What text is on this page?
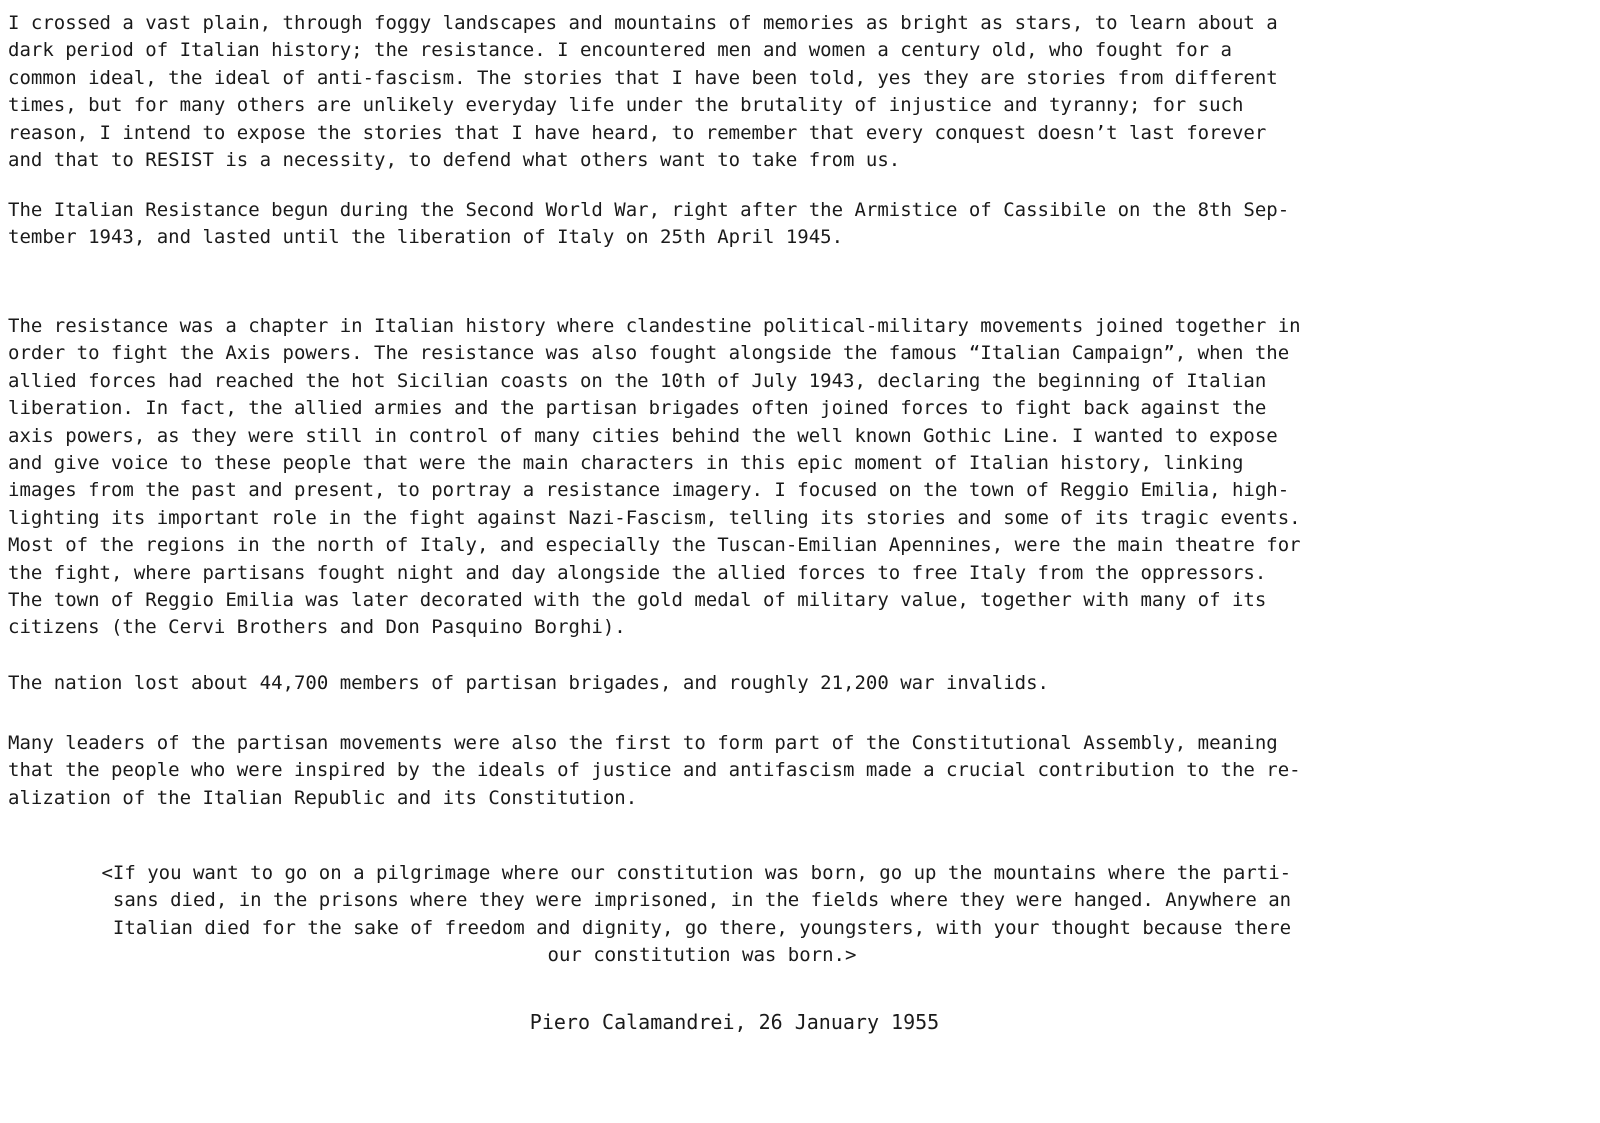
I crossed a vast plain, through foggy landscapes and mountains of memories as bright as stars, to learn about a
dark period of Italian history; the resistance. I encountered men and women a century old, who fought for a
common ideal, the ideal of anti-fascism. The stories that I have been told, yes they are stories from different
times, but for many others are unlikely everyday life under the brutality of injustice and tyranny; for such
reason, I intend to expose the stories that I have heard, to remember that every conquest doesn’t last forever
and that to RESIST is a necessity, to defend what others want to take from us.

The Italian Resistance begun during the Second World War, right after the Armistice of Cassibile on the 8th Sep-
tember 1943, and lasted until the liberation of Italy on 25th April 1945.

The resistance was a chapter in Italian history where clandestine political-military movements joined together in
order to fight the Axis powers. The resistance was also fought alongside the famous “Italian Campaign”, when the
allied forces had reached the hot Sicilian coasts on the 10th of July 1943, declaring the beginning of Italian
liberation. In fact, the allied armies and the partisan brigades often joined forces to fight back against the
axis powers, as they were still in control of many cities behind the well known Gothic Line. I wanted to expose
and give voice to these people that were the main characters in this epic moment of Italian history, linking
images from the past and present, to portray a resistance imagery. I focused on the town of Reggio Emilia, high-
lighting its important role in the fight against Nazi-Fascism, telling its stories and some of its tragic events.
Most of the regions in the north of Italy, and especially the Tuscan-Emilian Apennines, were the main theatre for
the fight, where partisans fought night and day alongside the allied forces to free Italy from the oppressors.
The town of Reggio Emilia was later decorated with the gold medal of military value, together with many of its
citizens (the Cervi Brothers and Don Pasquino Borghi).

The nation lost about 44,700 members of partisan brigades, and roughly 21,200 war invalids.

Many leaders of the partisan movements were also the first to form part of the Constitutional Assembly, meaning
that the people who were inspired by the ideals of justice and antifascism made a crucial contribution to the re-
alization of the Italian Republic and its Constitution.

<If you want to go on a pilgrimage where our constitution was born, go up the mountains where the parti-
sans died, in the prisons where they were imprisoned, in the fields where they were hanged. Anywhere an
Italian died for the sake of freedom and dignity, go there, youngsters, with your thought because there
our constitution was born.>

Piero Calamandrei, 26 January 1955
